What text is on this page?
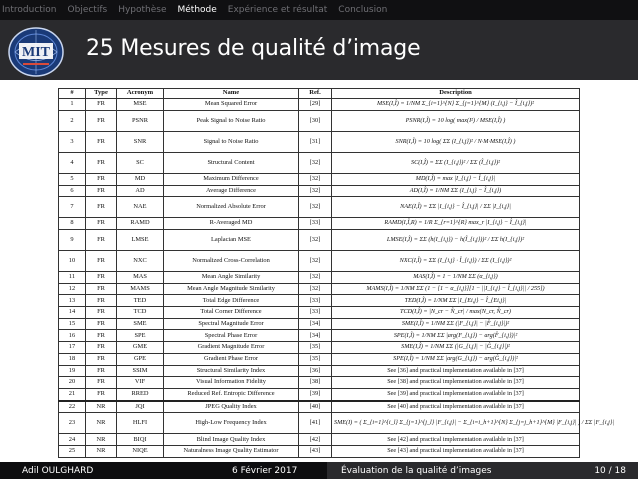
Introduction Objectifs Hypothèse Méthode Expérience et résultat Conclusion
MIT 25 Mesures de qualité d’image
#	Type	Acronym	Name	Ref.	Description
1	FR	MSE	Mean Squared Error	[29]	MSE(I,Î) = 1/NM Σ_{i=1}^{N} Σ_{j=1}^{M} (I_{i,j} − Î_{i,j})²
2	FR	PSNR	Peak Signal to Noise Ratio	[30]	PSNR(I,Î) = 10 log( max(I²) / MSE(I,Î) )
3	FR	SNR	Signal to Noise Ratio	[31]	SNR(I,Î) = 10 log( ΣΣ (I_{i,j})² / N·M·MSE(I,Î) )
4	FR	SC	Structural Content	[32]	SC(I,Î) = ΣΣ (I_{i,j})² / ΣΣ (Î_{i,j})²
5	FR	MD	Maximum Difference	[32]	MD(I,Î) = max |I_{i,j} − Î_{i,j}|
6	FR	AD	Average Difference	[32]	AD(I,Î) = 1/NM ΣΣ (I_{i,j} − Î_{i,j})
7	FR	NAE	Normalized Absolute Error	[32]	NAE(I,Î) = ΣΣ |I_{i,j} − Î_{i,j}| / ΣΣ |I_{i,j}|
8	FR	RAMD	R-Averaged MD	[33]	RAMD(I,Î,R) = 1/R Σ_{r=1}^{R} max_r |I_{i,j} − Î_{i,j}|
9	FR	LMSE	Laplacian MSE	[32]	LMSE(I,Î) = ΣΣ (h(I_{i,j}) − h(Î_{i,j}))² / ΣΣ h(I_{i,j})²
10	FR	NXC	Normalized Cross-Correlation	[32]	NXC(I,Î) = ΣΣ (I_{i,j} · Î_{i,j}) / ΣΣ (I_{i,j})²
11	FR	MAS	Mean Angle Similarity	[32]	MAS(I,Î) = 1 − 1/NM ΣΣ (α_{i,j})
12	FR	MAMS	Mean Angle Magnitude Similarity	[32]	MAMS(I,Î) = 1/NM ΣΣ (1 − [1 − α_{i,j}][1 − ||I_{i,j} − Î_{i,j}|| / 255])
13	FR	TED	Total Edge Difference	[33]	TED(I,Î) = 1/NM ΣΣ |I_{Ei,j} − Î_{Ei,j}|
14	FR	TCD	Total Corner Difference	[33]	TCD(I,Î) = |N_cr − N̂_cr| / max(N_cr, N̂_cr)
15	FR	SME	Spectral Magnitude Error	[34]	SME(I,Î) = 1/NM ΣΣ (|F_{i,j}| − |F̂_{i,j}|)²
16	FR	SPE	Spectral Phase Error	[34]	SPE(I,Î) = 1/NM ΣΣ |arg(F_{i,j}) − arg(F̂_{i,j})|²
17	FR	GME	Gradient Magnitude Error	[35]	SME(I,Î) = 1/NM ΣΣ (|G_{i,j}| − |Ĝ_{i,j}|)²
18	FR	GPE	Gradient Phase Error	[35]	SPE(I,Î) = 1/NM ΣΣ |arg(G_{i,j}) − arg(Ĝ_{i,j})|²
19	FR	SSIM	Structural Similarity Index	[36]	See [36] and practical implementation available in [37]
20	FR	VIF	Visual Information Fidelity	[38]	See [38] and practical implementation available in [37]
21	FR	RRED	Reduced Ref. Entropic Difference	[39]	See [39] and practical implementation available in [37]
22	NR	JQI	JPEG Quality Index	[40]	See [40] and practical implementation available in [37]
23	NR	HLFI	High-Low Frequency Index	[41]	SME(I) = ( Σ_{i=1}^{i_l} Σ_{j=1}^{j_l} |F_{i,j}| − Σ_{i=i_h+1}^{N} Σ_{j=j_h+1}^{M} |F_{i,j}| ) / ΣΣ |F_{i,j}|
24	NR	BIQI	Blind Image Quality Index	[42]	See [42] and practical implementation available in [37]
25	NR	NIQE	Naturalness Image Quality Estimator	[43]	See [43] and practical implementation available in [37]
Adil OULGHARD	6 Février 2017	Évaluation de la qualité d’images	10 / 18
